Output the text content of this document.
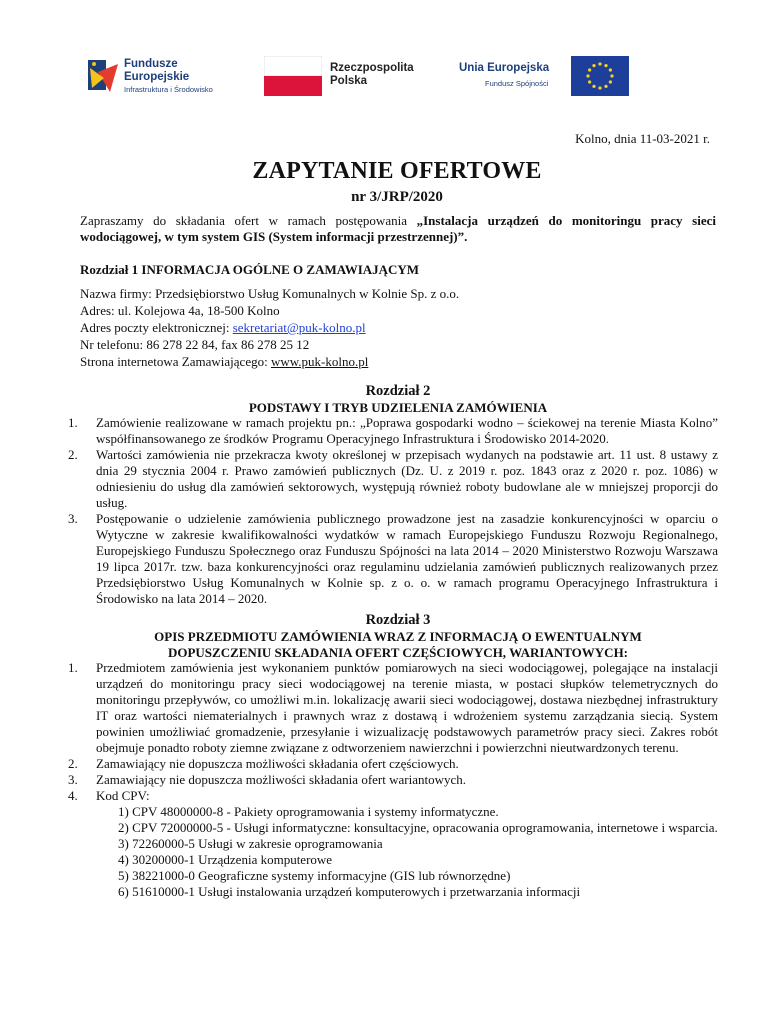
Fundusze
Europejskie
Infrastruktura i Środowisko
Rzeczpospolita
Polska
Unia Europejska
Fundusz Spójności
Kolno, dnia 11-03-2021 r.
ZAPYTANIE OFERTOWE
nr 3/JRP/2020
Zapraszamy do składania ofert w ramach postępowania „Instalacja urządzeń do monitoringu pracy sieci wodociągowej, w tym system GIS (System informacji przestrzennej)”.
Rozdział 1 INFORMACJA OGÓLNE O ZAMAWIAJĄCYM
Nazwa firmy: Przedsiębiorstwo Usług Komunalnych w Kolnie Sp. z o.o.
Adres: ul. Kolejowa 4a, 18-500 Kolno
Adres poczty elektronicznej: sekretariat@puk-kolno.pl
Nr telefonu: 86 278 22 84, fax 86 278 25 12
Strona internetowa Zamawiającego: www.puk-kolno.pl
Rozdział 2
PODSTAWY I TRYB UDZIELENIA ZAMÓWIENIA
1. Zamówienie realizowane w ramach projektu pn.: „Poprawa gospodarki wodno – ściekowej na terenie Miasta Kolno” współfinansowanego ze środków Programu Operacyjnego Infrastruktura i Środowisko 2014-2020.
2. Wartości zamówienia nie przekracza kwoty określonej w przepisach wydanych na podstawie art. 11 ust. 8 ustawy z dnia 29 stycznia 2004 r. Prawo zamówień publicznych (Dz. U. z 2019 r. poz. 1843 oraz z 2020 r. poz. 1086) w odniesieniu do usług dla zamówień sektorowych, występują również roboty budowlane ale w mniejszej proporcji do usług.
3. Postępowanie o udzielenie zamówienia publicznego prowadzone jest na zasadzie konkurencyjności w oparciu o Wytyczne w zakresie kwalifikowalności wydatków w ramach Europejskiego Funduszu Rozwoju Regionalnego, Europejskiego Funduszu Społecznego oraz Funduszu Spójności na lata 2014 – 2020 Ministerstwo Rozwoju Warszawa 19 lipca 2017r. tzw. baza konkurencyjności oraz regulaminu udzielania zamówień publicznych realizowanych przez Przedsiębiorstwo Usług Komunalnych w Kolnie sp. z o. o. w ramach programu Operacyjnego Infrastruktura i Środowisko na lata 2014 – 2020.
Rozdział 3
OPIS PRZEDMIOTU ZAMÓWIENIA WRAZ Z INFORMACJĄ O EWENTUALNYM
DOPUSZCZENIU SKŁADANIA OFERT CZĘŚCIOWYCH, WARIANTOWYCH:
1. Przedmiotem zamówienia jest wykonaniem punktów pomiarowych na sieci wodociągowej, polegające na instalacji urządzeń do monitoringu pracy sieci wodociągowej na terenie miasta, w postaci słupków telemetrycznych do monitoringu przepływów, co umożliwi m.in. lokalizację awarii sieci wodociągowej, dostawa niezbędnej infrastruktury IT oraz wartości niematerialnych i prawnych wraz z dostawą i wdrożeniem systemu zarządzania siecią. System powinien umożliwiać gromadzenie, przesyłanie i wizualizację podstawowych parametrów pracy sieci. Zakres robót obejmuje ponadto roboty ziemne związane z odtworzeniem nawierzchni i powierzchni nieutwardzonych terenu.
2. Zamawiający nie dopuszcza możliwości składania ofert częściowych.
3. Zamawiający nie dopuszcza możliwości składania ofert wariantowych.
4. Kod CPV:
1) CPV 48000000-8 - Pakiety oprogramowania i systemy informatyczne.
2) CPV 72000000-5 - Usługi informatyczne: konsultacyjne, opracowania oprogramowania, internetowe i wsparcia.
3) 72260000-5 Usługi w zakresie oprogramowania
4) 30200000-1 Urządzenia komputerowe
5) 38221000-0 Geograficzne systemy informacyjne (GIS lub równorzędne)
6) 51610000-1 Usługi instalowania urządzeń komputerowych i przetwarzania informacji
